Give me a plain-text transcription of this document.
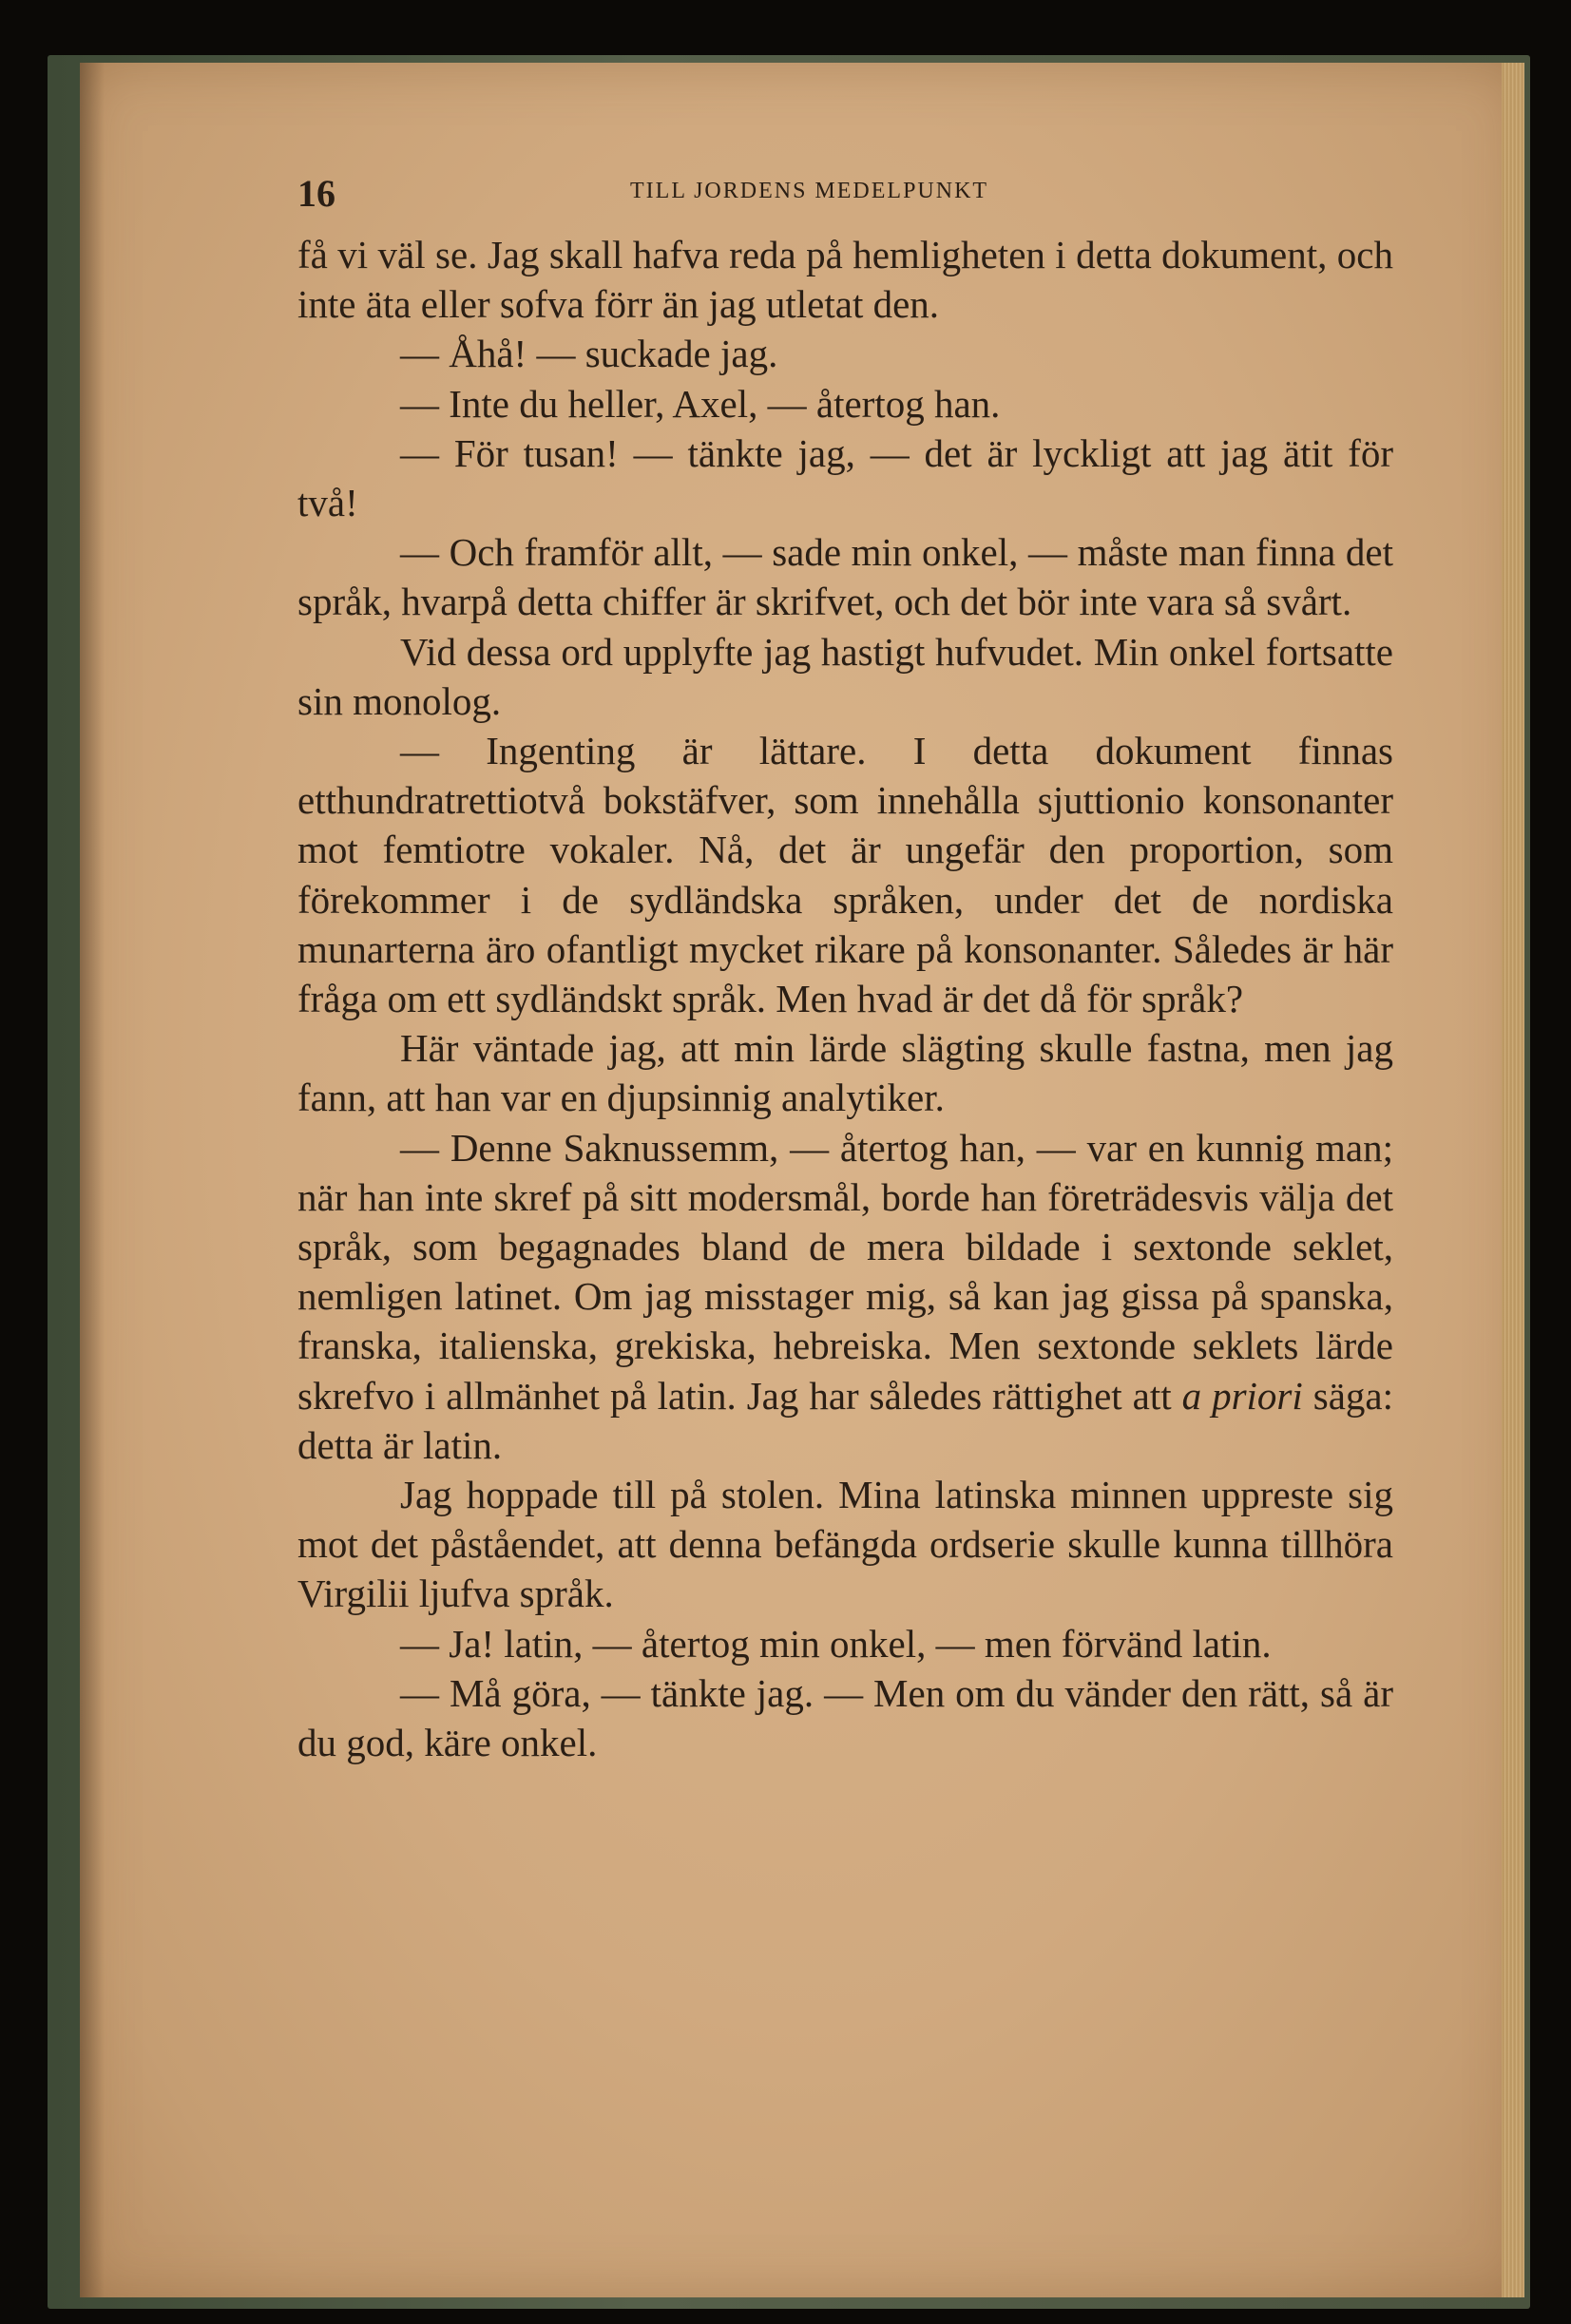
16	TILL JORDENS MEDELPUNKT

få vi väl se. Jag skall hafva reda på hemligheten i detta dokument, och inte äta eller sofva förr än jag utletat den.

— Åhå! — suckade jag.

— Inte du heller, Axel, — återtog han.

— För tusan! — tänkte jag, — det är lyckligt att jag ätit för två!

— Och framför allt, — sade min onkel, — måste man finna det språk, hvarpå detta chiffer är skrifvet, och det bör inte vara så svårt.

Vid dessa ord upplyfte jag hastigt hufvudet. Min onkel fortsatte sin monolog.

— Ingenting är lättare. I detta dokument finnas etthundratrettiotvå bokstäfver, som innehålla sjuttionio konsonanter mot femtiotre vokaler. Nå, det är ungefär den proportion, som förekommer i de sydländska språken, under det de nordiska munarterna äro ofantligt mycket rikare på konsonanter. Således är här fråga om ett sydländskt språk. Men hvad är det då för språk?

Här väntade jag, att min lärde slägting skulle fastna, men jag fann, att han var en djupsinnig analytiker.

— Denne Saknussemm, — återtog han, — var en kunnig man; när han inte skref på sitt modersmål, borde han företrädesvis välja det språk, som begagnades bland de mera bildade i sextonde seklet, nemligen latinet. Om jag misstager mig, så kan jag gissa på spanska, franska, italienska, grekiska, hebreiska. Men sextonde seklets lärde skrefvo i allmänhet på latin. Jag har således rättighet att a priori säga: detta är latin.

Jag hoppade till på stolen. Mina latinska minnen upprestе sig mot det påståendet, att denna befängda ordserie skulle kunna tillhöra Virgilii ljufva språk.

— Ja! latin, — återtog min onkel, — men förvänd latin.

— Må göra, — tänkte jag. — Men om du vänder den rätt, så är du god, käre onkel.
